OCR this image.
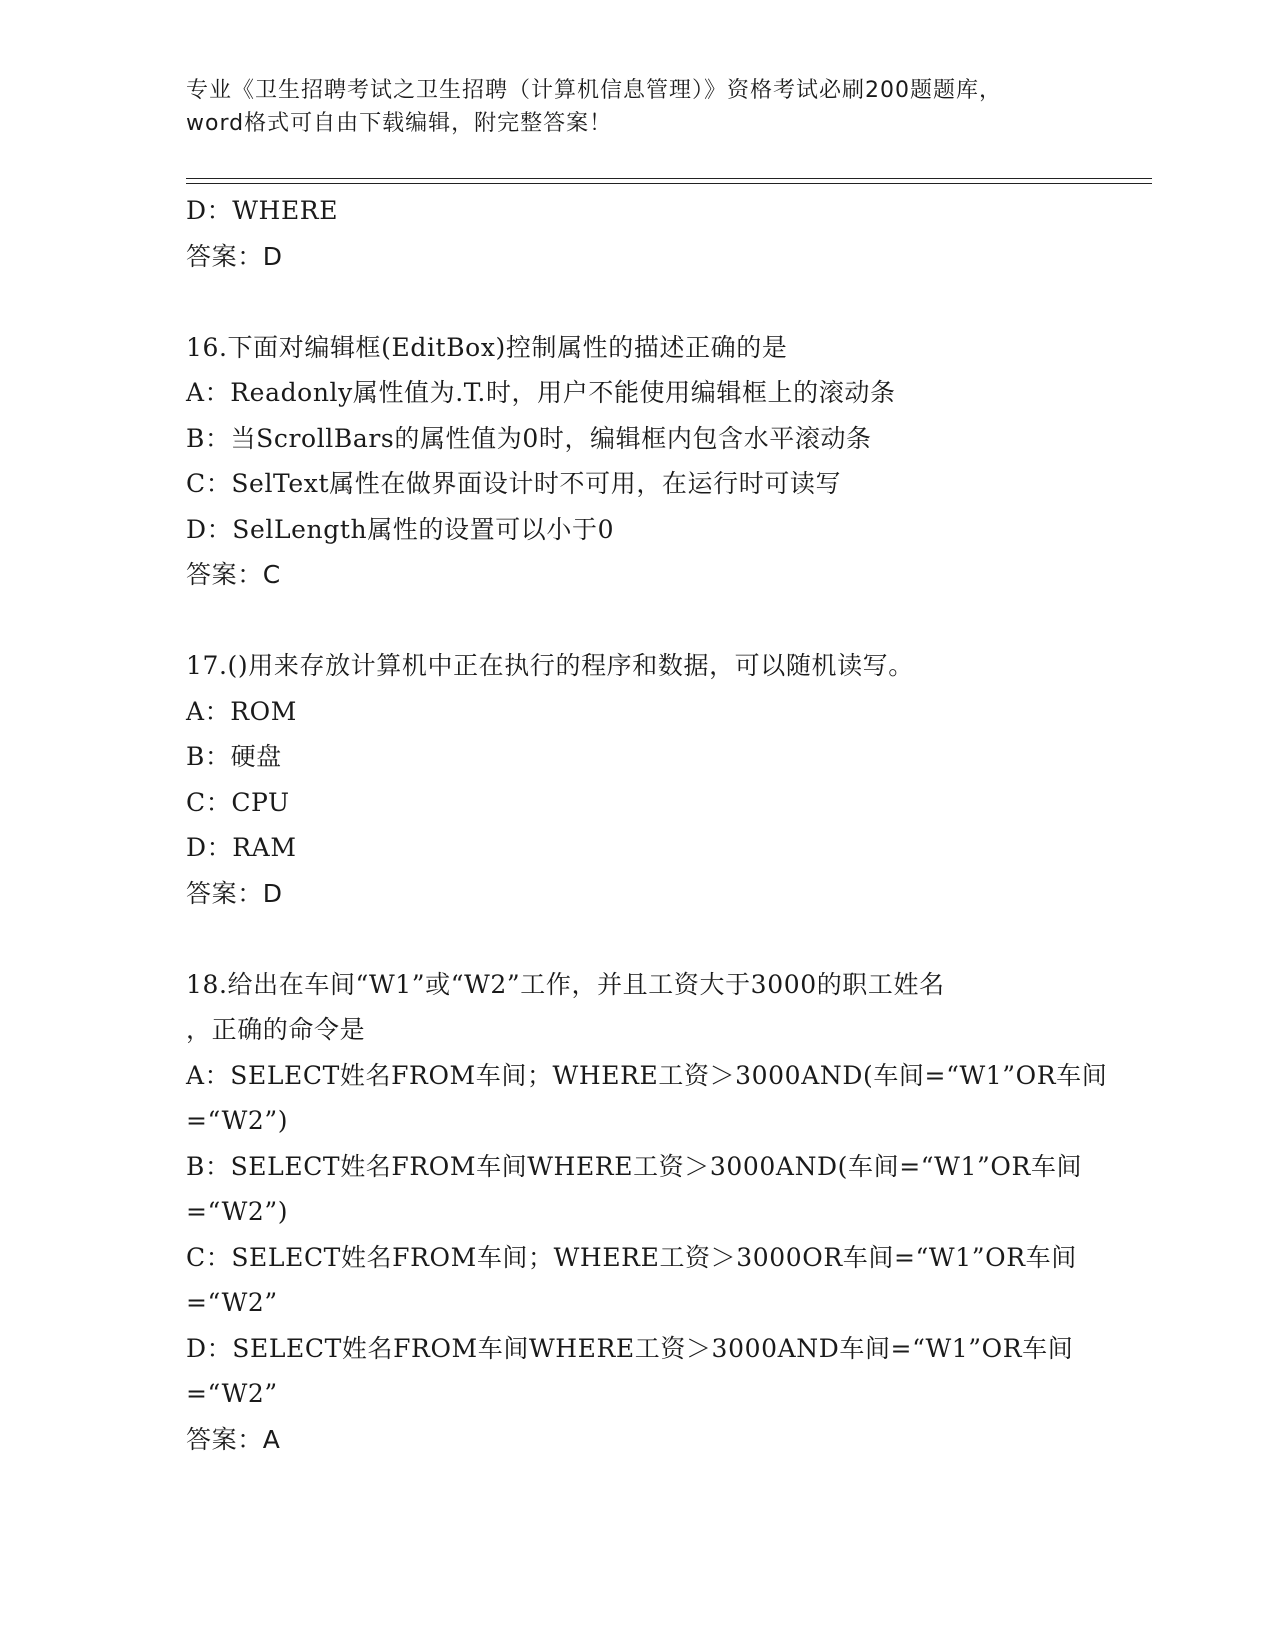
专业《卫生招聘考试之卫生招聘（计算机信息管理）》资格考试必刷200题题库，
word格式可自由下载编辑，附完整答案！
D：WHERE
答案：D
16.下面对编辑框(EditBox)控制属性的描述正确的是
A：Readonly属性值为.T.时，用户不能使用编辑框上的滚动条
B：当ScrollBars的属性值为0时，编辑框内包含水平滚动条
C：SelText属性在做界面设计时不可用，在运行时可读写
D：SelLength属性的设置可以小于0
答案：C
17.()用来存放计算机中正在执行的程序和数据，可以随机读写。
A：ROM
B：硬盘
C：CPU
D：RAM
答案：D
18.给出在车间“W1”或“W2”工作，并且工资大于3000的职工姓名
，正确的命令是
A：SELECT姓名FROM车间；WHERE工资＞3000AND(车间=“W1”OR车间
=“W2”)
B：SELECT姓名FROM车间WHERE工资＞3000AND(车间=“W1”OR车间
=“W2”)
C：SELECT姓名FROM车间；WHERE工资＞3000OR车间=“W1”OR车间
=“W2”
D：SELECT姓名FROM车间WHERE工资＞3000AND车间=“W1”OR车间
=“W2”
答案：A
